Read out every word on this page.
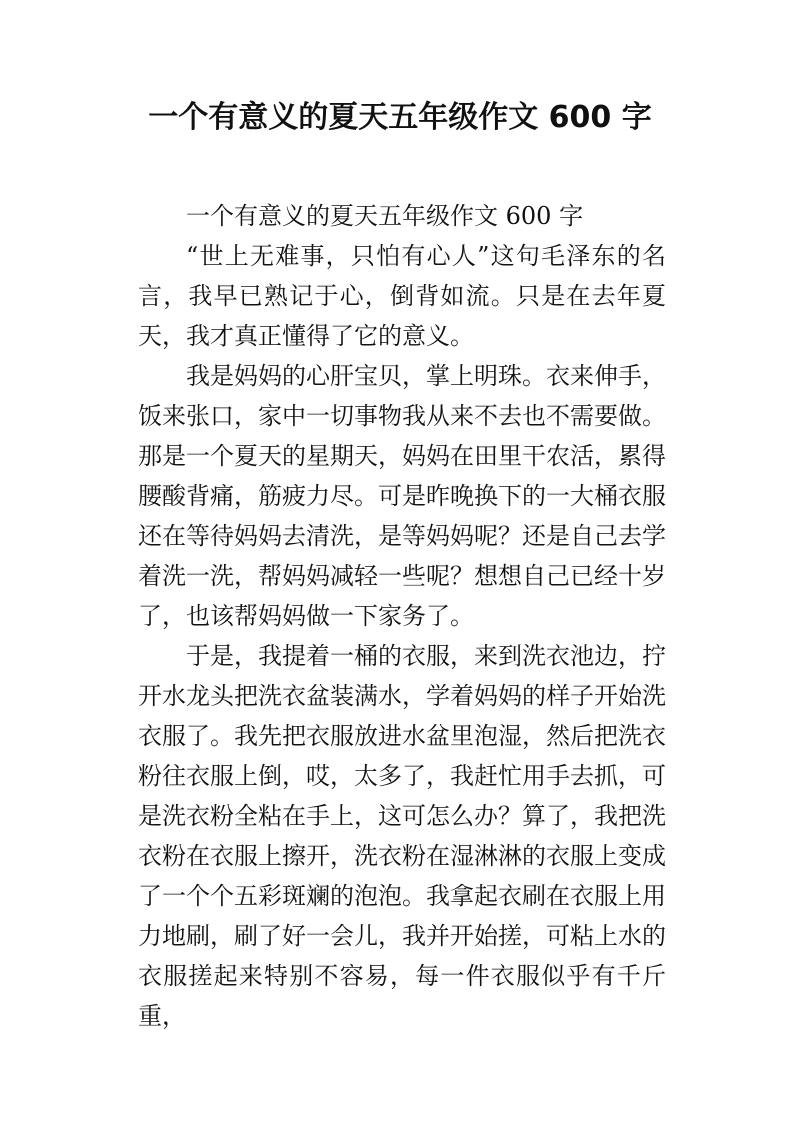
一个有意义的夏天五年级作文 600 字

一个有意义的夏天五年级作文 600 字

“世上无难事，只怕有心人”这句毛泽东的名言，我早已熟记于心，倒背如流。只是在去年夏天，我才真正懂得了它的意义。

我是妈妈的心肝宝贝，掌上明珠。衣来伸手，饭来张口，家中一切事物我从来不去也不需要做。那是一个夏天的星期天，妈妈在田里干农活，累得腰酸背痛，筋疲力尽。可是昨晚换下的一大桶衣服还在等待妈妈去清洗，是等妈妈呢？还是自己去学着洗一洗，帮妈妈减轻一些呢？想想自己已经十岁了，也该帮妈妈做一下家务了。

于是，我提着一桶的衣服，来到洗衣池边，拧开水龙头把洗衣盆装满水，学着妈妈的样子开始洗衣服了。我先把衣服放进水盆里泡湿，然后把洗衣粉往衣服上倒，哎，太多了，我赶忙用手去抓，可是洗衣粉全粘在手上，这可怎么办？算了，我把洗衣粉在衣服上擦开，洗衣粉在湿淋淋的衣服上变成了一个个五彩斑斓的泡泡。我拿起衣刷在衣服上用力地刷，刷了好一会儿，我并开始搓，可粘上水的衣服搓起来特别不容易，每一件衣服似乎有千斤重，
